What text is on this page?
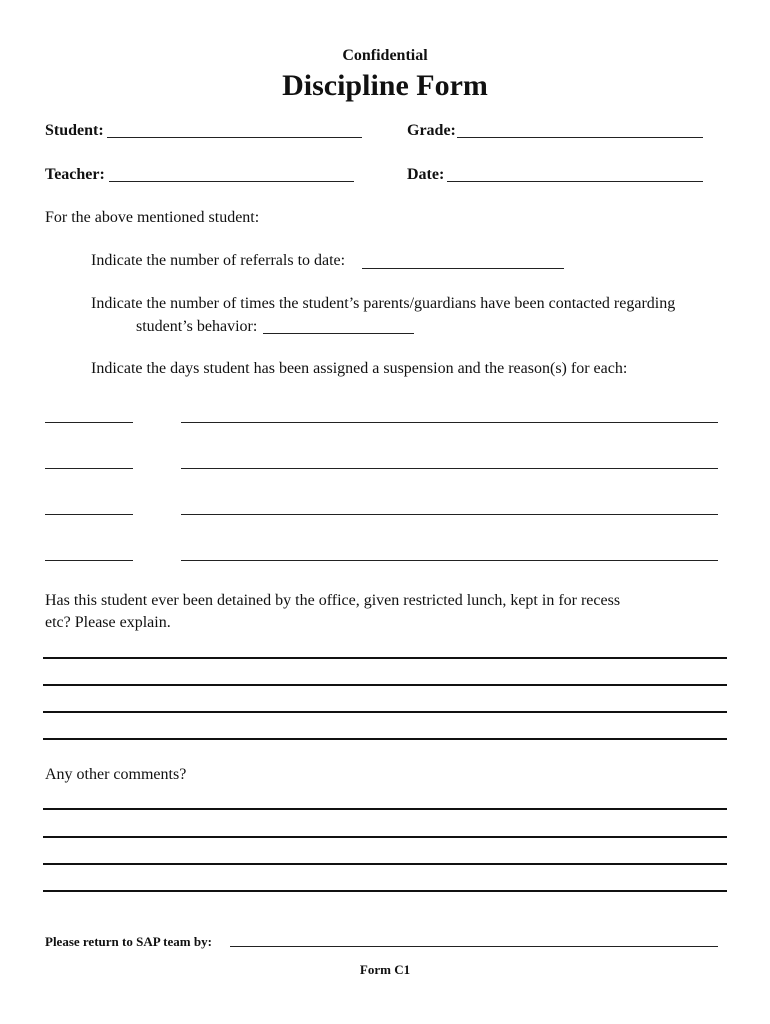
Confidential
Discipline Form
Student:	Grade:
Teacher:	Date:
For the above mentioned student:
Indicate the number of referrals to date:
Indicate the number of times the student’s parents/guardians have been contacted regarding
student’s behavior:
Indicate the days student has been assigned a suspension and the reason(s) for each:
Has this student ever been detained by the office, given restricted lunch, kept in for recess
etc? Please explain.
Any other comments?
Please return to SAP team by:
Form C1
